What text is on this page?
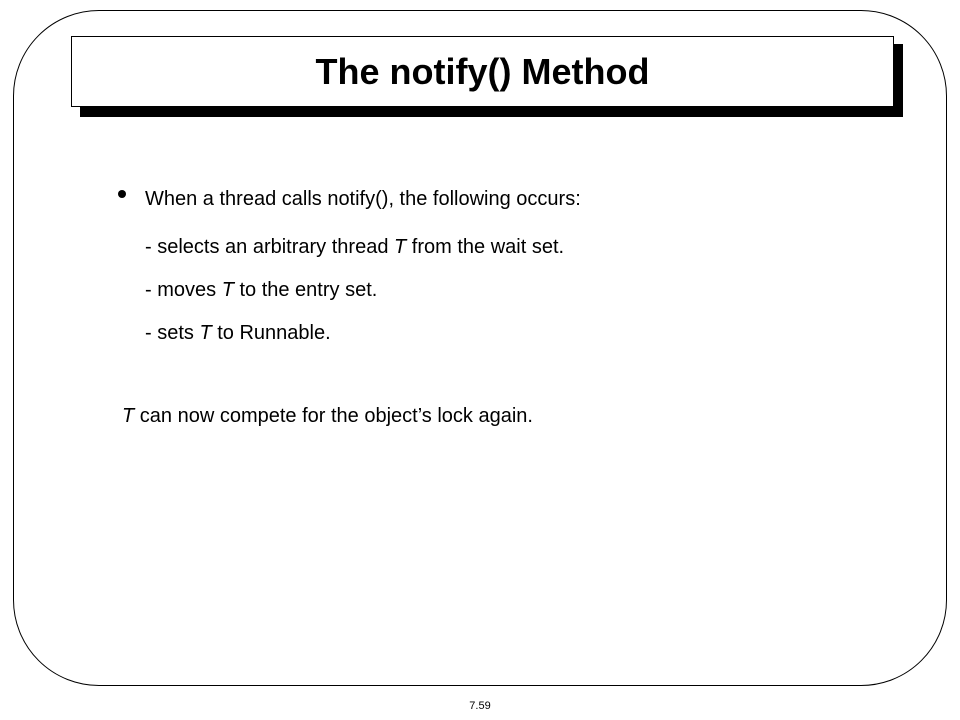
The notify() Method
When a thread calls notify(), the following occurs:
- selects an arbitrary thread T from the wait set.
- moves T to the entry set.
- sets T to Runnable.
T can now compete for the object’s lock again.
7.59
